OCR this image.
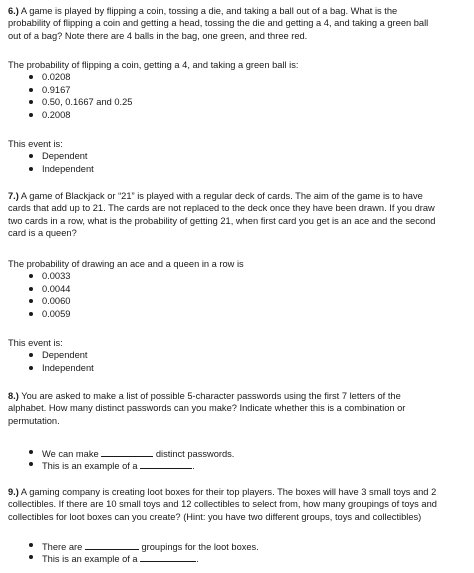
6.) A game is played by flipping a coin, tossing a die, and taking a ball out of a bag. What is the

probability of flipping a coin and getting a head, tossing the die and getting a 4, and taking a green ball

out of a bag? Note there are 4 balls in the bag, one green, and three red.

The probability of flipping a coin, getting a 4, and taking a green ball is:

0.0208
0.9167
0.50, 0.1667 and 0.25
0.2008

This event is:

Dependent
Independent

7.) A game of Blackjack or “21” is played with a regular deck of cards. The aim of the game is to have

cards that add up to 21. The cards are not replaced to the deck once they have been drawn. If you draw

two cards in a row, what is the probability of getting 21, when first card you get is an ace and the second

card is a queen?

The probability of drawing an ace and a queen in a row is

0.0033
0.0044
0.0060
0.0059

This event is:

Dependent
Independent

8.) You are asked to make a list of possible 5-character passwords using the first 7 letters of the

alphabet. How many distinct passwords can you make? Indicate whether this is a combination or

permutation.

We can make	distinct passwords.
This is an example of a	.

9.) A gaming company is creating loot boxes for their top players. The boxes will have 3 small toys and 2

collectibles. If there are 10 small toys and 12 collectibles to select from, how many groupings of toys and

collectibles for loot boxes can you create? (Hint: you have two different groups, toys and collectibles)

There are	groupings for the loot boxes.
This is an example of a	.
